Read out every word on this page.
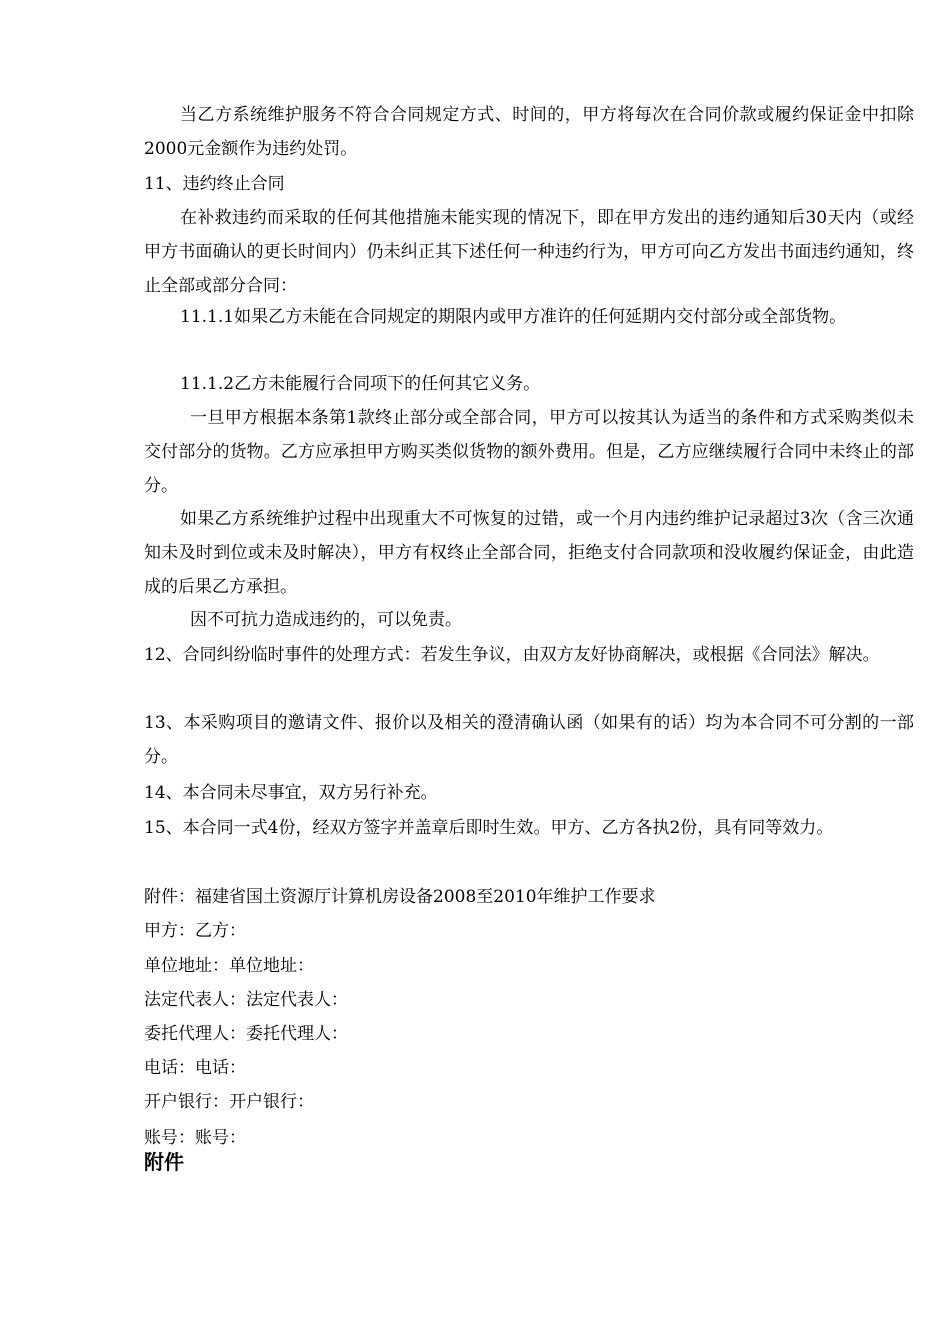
当乙方系统维护服务不符合合同规定方式、时间的，甲方将每次在合同价款或履约保证金中扣除2000元金额作为违约处罚。
11、违约终止合同
在补救违约而采取的任何其他措施未能实现的情况下，即在甲方发出的违约通知后30天内（或经甲方书面确认的更长时间内）仍未纠正其下述任何一种违约行为，甲方可向乙方发出书面违约通知，终止全部或部分合同：
11.1.1如果乙方未能在合同规定的期限内或甲方准许的任何延期内交付部分或全部货物。
11.1.2乙方未能履行合同项下的任何其它义务。
一旦甲方根据本条第1款终止部分或全部合同，甲方可以按其认为适当的条件和方式采购类似未交付部分的货物。乙方应承担甲方购买类似货物的额外费用。但是，乙方应继续履行合同中未终止的部分。
如果乙方系统维护过程中出现重大不可恢复的过错，或一个月内违约维护记录超过3次（含三次通知未及时到位或未及时解决），甲方有权终止全部合同，拒绝支付合同款项和没收履约保证金，由此造成的后果乙方承担。
因不可抗力造成违约的，可以免责。
12、合同纠纷临时事件的处理方式：若发生争议，由双方友好协商解决，或根据《合同法》解决。
13、本采购项目的邀请文件、报价以及相关的澄清确认函（如果有的话）均为本合同不可分割的一部分。
14、本合同未尽事宜，双方另行补充。
15、本合同一式4份，经双方签字并盖章后即时生效。甲方、乙方各执2份，具有同等效力。
附件：福建省国土资源厅计算机房设备2008至2010年维护工作要求
甲方：乙方：
单位地址：单位地址：
法定代表人：法定代表人：
委托代理人：委托代理人：
电话：电话：
开户银行：开户银行：
账号：账号：
附件
